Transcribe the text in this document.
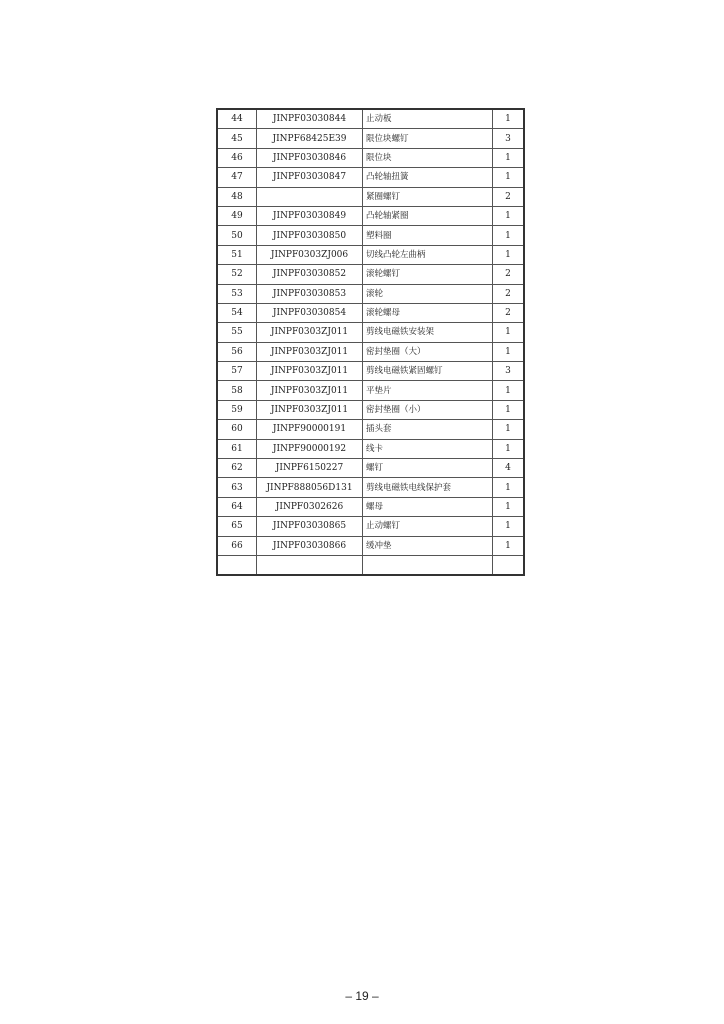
44	JINPF03030844	止动板	1
45	JINPF68425E39	限位块螺钉	3
46	JINPF03030846	限位块	1
47	JINPF03030847	凸轮轴扭簧	1
48		紧圈螺钉	2
49	JINPF03030849	凸轮轴紧圈	1
50	JINPF03030850	塑料圈	1
51	JINPF0303ZJ006	切线凸轮左曲柄	1
52	JINPF03030852	滚轮螺钉	2
53	JINPF03030853	滚轮	2
54	JINPF03030854	滚轮螺母	2
55	JINPF0303ZJ011	剪线电磁铁安装架	1
56	JINPF0303ZJ011	密封垫圈（大）	1
57	JINPF0303ZJ011	剪线电磁铁紧固螺钉	3
58	JINPF0303ZJ011	平垫片	1
59	JINPF0303ZJ011	密封垫圈（小）	1
60	JINPF90000191	插头套	1
61	JINPF90000192	线卡	1
62	JINPF6150227	螺钉	4
63	JINPF888056D131	剪线电磁铁电线保护套	1
64	JINPF0302626	螺母	1
65	JINPF03030865	止动螺钉	1
66	JINPF03030866	缓冲垫	1

– 19 –
